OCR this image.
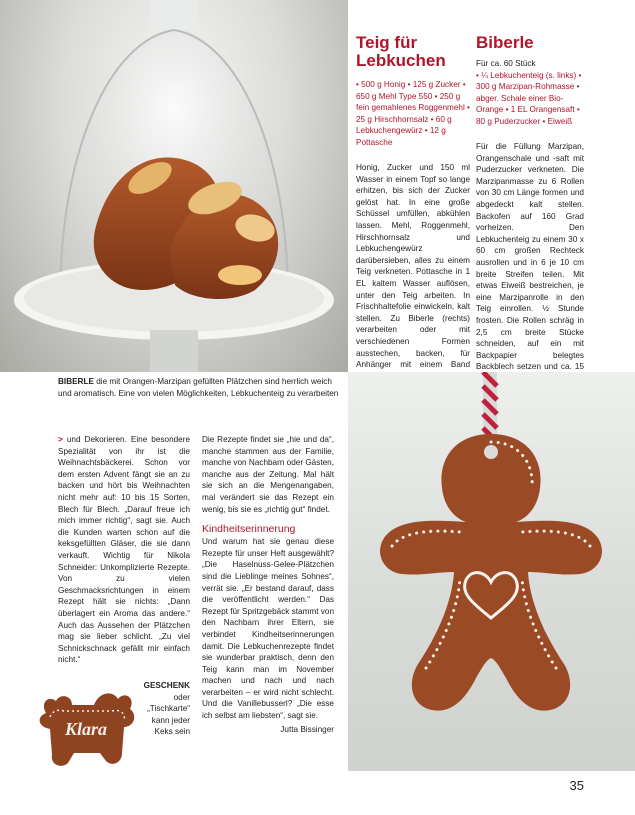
Teig für Lebkuchen
• 500 g Honig • 125 g Zucker • 650 g Mehl Type 550 • 250 g fein gemahlenes Roggenmehl • 25 g Hirschhornsalz • 60 g Lebkuchengewürz • 12 g Pottasche
Honig, Zucker und 150 ml Wasser in einem Topf so lange erhitzen, bis sich der Zucker gelöst hat. In eine große Schüssel umfüllen, abkühlen lassen. Mehl, Roggenmehl, Hirschhornsalz und Lebkuchengewürz darübersieben, alles zu einem Teig verkneten. Pottasche in 1 EL kaltem Wasser auflösen, unter den Teig arbeiten. In Frischhaltefolie einwickeln, kalt stellen. Zu Biberle (rechts) verarbeiten oder mit verschiedenen Formen ausstechen, backen, für Anhänger mit einem Band
Biberle
Für ca. 60 Stück
• ¼ Lebkuchenteig (s. links) • 300 g Marzipan-Rohmasse • abger. Schale einer Bio-Orange • 1 EL Orangensaft • 80 g Puderzucker • Eiweiß
Für die Füllung Marzipan, Orangenschale und -saft mit Puderzucker verkneten. Die Marzipanmasse zu 6 Rollen von 30 cm Länge formen und abgedeckt kalt stellen. Backofen auf 160 Grad vorheizen. Den Lebkuchenteig zu einem 30 x 60 cm großen Rechteck ausrollen und in 6 je 10 cm breite Streifen teilen. Mit etwas Eiweiß bestreichen, je eine Marzipanrolle in den Teig einrollen. ½ Stunde frosten. Die Rollen schräg in 2,5 cm breite Stücke schneiden, auf ein mit Backpapier belegtes Backblech setzen und ca. 15
BIBERLE die mit Orangen-Marzipan gefüllten Plätzchen sind herrlich weich und aromatisch. Eine von vielen Möglichkeiten, Lebkuchenteig zu verarbeiten
> und Dekorieren. Eine besondere Spezialität von ihr ist die Weihnachtsbäckerei. Schon vor dem ersten Advent fängt sie an zu backen und hört bis Weihnachten nicht mehr auf: 10 bis 15 Sorten, Blech für Blech. „Darauf freue ich mich immer richtig“, sagt sie. Auch die Kunden warten schon auf die keksgefüllten Gläser, die sie dann verkauft. Wichtig für Nikola Schneider: Unkomplizierte Rezepte. Von zu vielen Geschmacksrichtungen in einem Rezept hält sie nichts: „Dann überlagert ein Aroma das andere.“ Auch das Aussehen der Plätzchen mag sie lieber schlicht. „Zu viel Schnickschnack gefällt mir einfach nicht.“
Die Rezepte findet sie „hie und da“, manche stammen aus der Familie, manche von Nachbarn oder Gästen, manche aus der Zeitung. Mal hält sie sich an die Mengenangaben, mal verändert sie das Rezept ein wenig, bis sie es „richtig gut“ findet.
Kindheitserinnerung
Und warum hat sie genau diese Rezepte für unser Heft ausgewählt? „Die Haselnuss-Gelee-Plätzchen sind die Lieblinge meines Sohnes“, verrät sie. „Er bestand darauf, dass die veröffentlicht werden.“ Das Rezept für Spritzgebäck stammt von den Nachbarn ihrer Eltern, sie verbindet Kindheitserinnerungen damit. Die Lebkuchenrezepte findet sie wunderbar praktisch, denn den Teig kann man im November machen und nach und nach verarbeiten – er wird nicht schlecht. Und die Vanillebusserl? „Die esse ich selbst am liebsten“, sagt sie.
Jutta Bissinger
GESCHENK oder „Tischkarte“ kann jeder Keks sein
Klara
35
